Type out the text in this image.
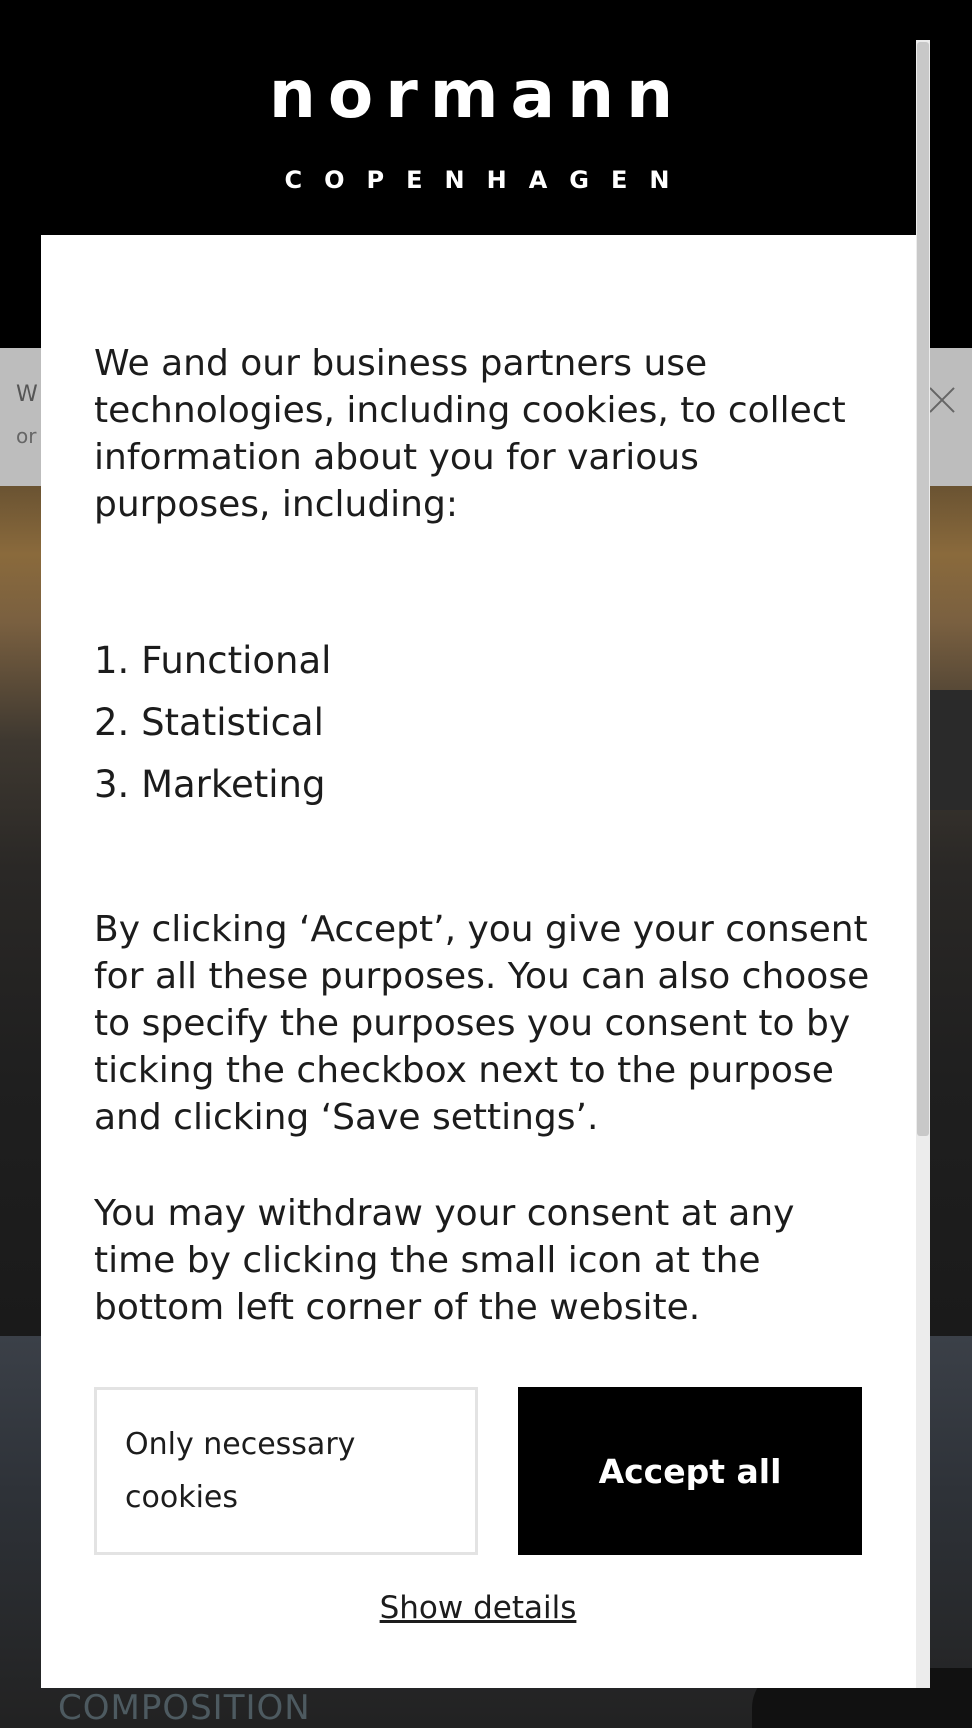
normann
COPENHAGEN
W
or
COMPOSITION

We and our business partners use technologies, including cookies, to collect information about you for various purposes, including:

1. Functional
2. Statistical
3. Marketing

By clicking ‘Accept’, you give your consent for all these purposes. You can also choose to specify the purposes you consent to by ticking the checkbox next to the purpose and clicking ‘Save settings’.

You may withdraw your consent at any time by clicking the small icon at the bottom left corner of the website.

Only necessary cookies
Accept all
Show details
